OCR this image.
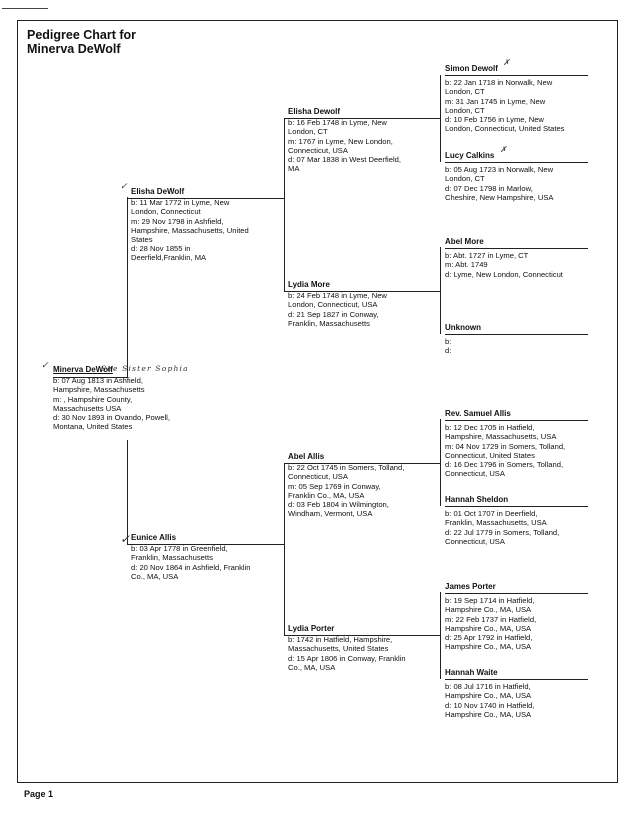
Pedigree Chart for
Minerva DeWolf
Minerva DeWolf
b: 07 Aug 1813 in Ashfield,
Hampshire, Massachusetts
m: , Hampshire County,
Massachusetts USA
d: 30 Nov 1893 in Ovando, Powell,
Montana, United States
Elisha DeWolf
b: 11 Mar 1772 in Lyme, New
London, Connecticut
m: 29 Nov 1798 in Ashfield,
Hampshire, Massachusetts, United
States
d: 28 Nov 1855 in
Deerfield,Franklin, MA
Eunice Allis
b: 03 Apr 1778 in Greenfield,
Franklin, Massachusetts
d: 20 Nov 1864 in Ashfield, Franklin
Co., MA, USA
Elisha Dewolf
b: 16 Feb 1748 in Lyme, New
London, CT
m: 1767 in Lyme, New London,
Connecticut, USA
d: 07 Mar 1838 in West Deerfield,
MA
Lydia More
b: 24 Feb 1748 in Lyme, New
London, Connecticut, USA
d: 21 Sep 1827 in Conway,
Franklin, Massachusetts
Abel Allis
b: 22 Oct 1745 in Somers, Tolland,
Connecticut, USA
m: 05 Sep 1769 in Conway,
Franklin Co., MA, USA
d: 03 Feb 1804 in Wilmington,
Windham, Vermont, USA
Lydia Porter
b: 1742 in Hatfield, Hampshire,
Massachusetts, United States
d: 15 Apr 1806 in Conway, Franklin
Co., MA, USA
Simon Dewolf
b: 22 Jan 1718 in Norwalk, New
London, CT
m: 31 Jan 1745 in Lyme, New
London, CT
d: 10 Feb 1756 in Lyme, New
London, Connecticut, United States
Lucy Calkins
b: 05 Aug 1723 in Norwalk, New
London, CT
d: 07 Dec 1798 in Marlow,
Cheshire, New Hampshire, USA
Abel More
b: Abt. 1727 in Lyme, CT
m: Abt. 1749
d: Lyme, New London, Connecticut
Unknown
b:
d:
Rev. Samuel Allis
b: 12 Dec 1705 in Hatfield,
Hampshire, Massachusetts, USA
m: 04 Nov 1729 in Somers, Tolland,
Connecticut, United States
d: 16 Dec 1796 in Somers, Tolland,
Connecticut, USA
Hannah Sheldon
b: 01 Oct 1707 in Deerfield,
Franklin, Massachusetts, USA
d: 22 Jul 1779 in Somers, Tolland,
Connecticut, USA
James Porter
b: 19 Sep 1714 in Hatfield,
Hampshire Co., MA, USA
m: 22 Feb 1737 in Hatfield,
Hampshire Co., MA, USA
d: 25 Apr 1792 in Hatfield,
Hampshire Co., MA, USA
Hannah Waite
b: 08 Jul 1716 in Hatfield,
Hampshire Co., MA, USA
d: 10 Nov 1740 in Hatfield,
Hampshire Co., MA, USA
✓
✓
✓
✗
✗
See Sister Sophia
Page 1
